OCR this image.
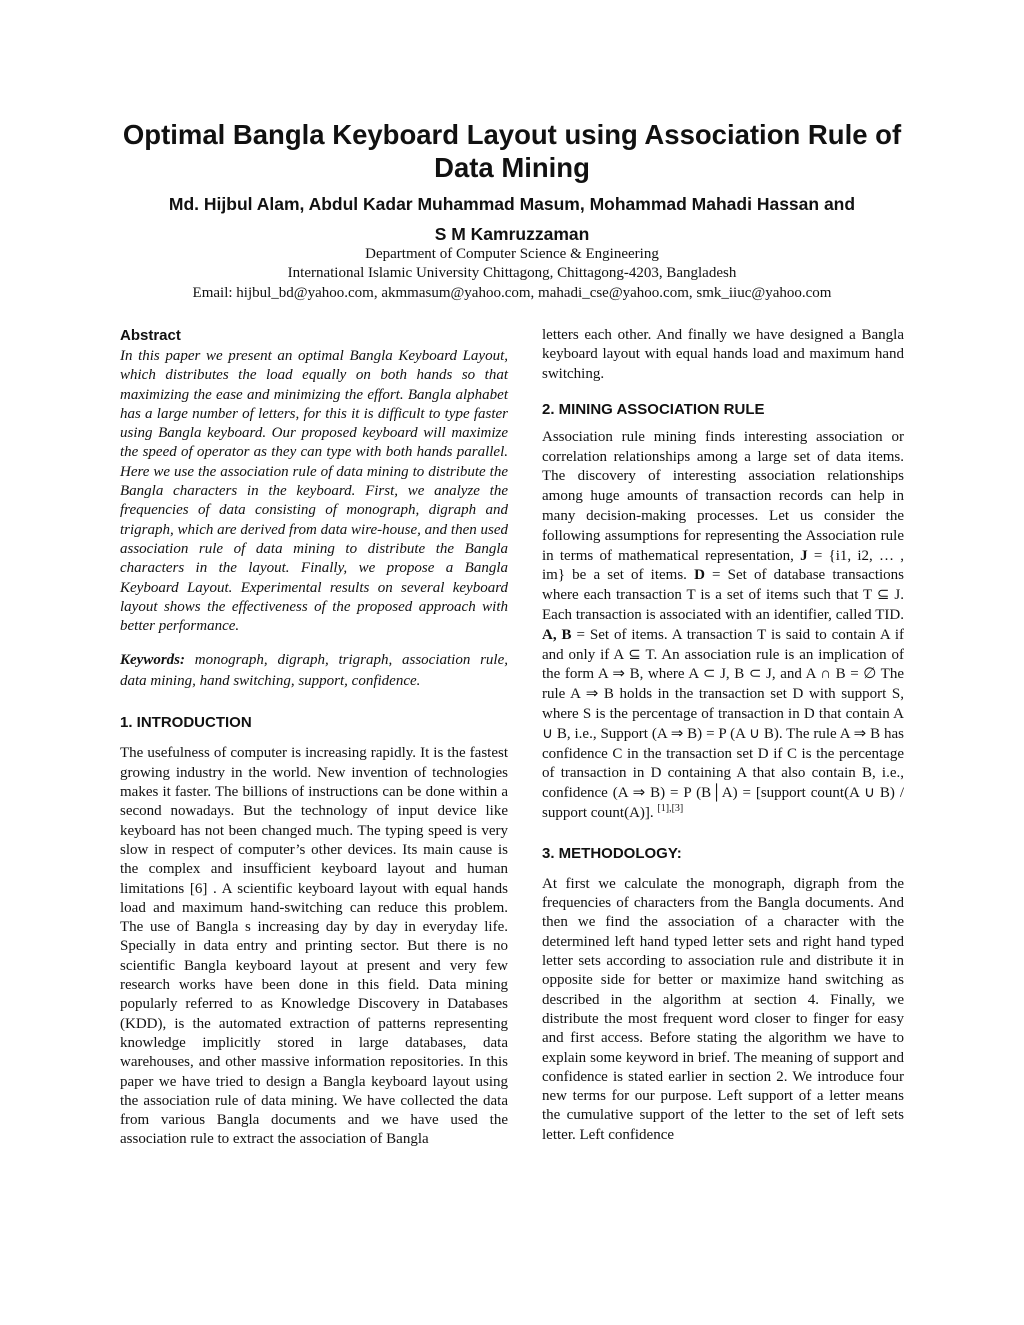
Optimal Bangla Keyboard Layout using Association Rule of Data Mining
Md. Hijbul Alam, Abdul Kadar Muhammad Masum, Mohammad Mahadi Hassan and
S M Kamruzzaman
Department of Computer Science & Engineering
International Islamic University Chittagong, Chittagong-4203, Bangladesh
Email: hijbul_bd@yahoo.com, akmmasum@yahoo.com, mahadi_cse@yahoo.com, smk_iiuc@yahoo.com
Abstract

In this paper we present an optimal Bangla Keyboard Layout, which distributes the load equally on both hands so that maximizing the ease and minimizing the effort. Bangla alphabet has a large number of letters, for this it is difficult to type faster using Bangla keyboard. Our proposed keyboard will maximize the speed of operator as they can type with both hands parallel. Here we use the association rule of data mining to distribute the Bangla characters in the keyboard. First, we analyze the frequencies of data consisting of monograph, digraph and trigraph, which are derived from data wire-house, and then used association rule of data mining to distribute the Bangla characters in the layout. Finally, we propose a Bangla Keyboard Layout. Experimental results on several keyboard layout shows the effectiveness of the proposed approach with better performance.

Keywords: monograph, digraph, trigraph, association rule, data mining, hand switching, support, confidence.

1. INTRODUCTION

The usefulness of computer is increasing rapidly. It is the fastest growing industry in the world. New invention of technologies makes it faster. The billions of instructions can be done within a second nowadays. But the technology of input device like keyboard has not been changed much. The typing speed is very slow in respect of computer’s other devices. Its main cause is the complex and insufficient keyboard layout and human limitations [6] . A scientific keyboard layout with equal hands load and maximum hand-switching can reduce this problem. The use of Bangla s increasing day by day in everyday life. Specially in data entry and printing sector. But there is no scientific Bangla keyboard layout at present and very few research works have been done in this field. Data mining popularly referred to as Knowledge Discovery in Databases (KDD), is the automated extraction of patterns representing knowledge implicitly stored in large databases, data warehouses, and other massive information repositories. In this paper we have tried to design a Bangla keyboard layout using the association rule of data mining. We have collected the data from various Bangla documents and we have used the association rule to extract the association of Bangla

letters each other. And finally we have designed a Bangla keyboard layout with equal hands load and maximum hand switching.

2. MINING ASSOCIATION RULE

Association rule mining finds interesting association or correlation relationships among a large set of data items. The discovery of interesting association relationships among huge amounts of transaction records can help in many decision-making processes. Let us consider the following assumptions for representing the Association rule in terms of mathematical representation, J = {i1, i2, … , im} be a set of items. D = Set of database transactions where each transaction T is a set of items such that T ⊆ J. Each transaction is associated with an identifier, called TID. A, B = Set of items. A transaction T is said to contain A if and only if A ⊆ T. An association rule is an implication of the form A ⇒ B, where A ⊂ J, B ⊂ J, and A ∩ B = ∅ The rule A ⇒ B holds in the transaction set D with support S, where S is the percentage of transaction in D that contain A ∪ B, i.e., Support (A ⇒ B) = P (A ∪ B). The rule A ⇒ B has confidence C in the transaction set D if C is the percentage of transaction in D containing A that also contain B, i.e., confidence (A ⇒ B) = P (B│A) = [support count(A ∪ B) / support count(A)]. [1],[3]

3. METHODOLOGY:

At first we calculate the monograph, digraph from the frequencies of characters from the Bangla documents. And then we find the association of a character with the determined left hand typed letter sets and right hand typed letter sets according to association rule and distribute it in opposite side for better or maximize hand switching as described in the algorithm at section 4. Finally, we distribute the most frequent word closer to finger for easy and first access. Before stating the algorithm we have to explain some keyword in brief. The meaning of support and confidence is stated earlier in section 2. We introduce four new terms for our purpose. Left support of a letter means the cumulative support of the letter to the set of left sets letter. Left confidence
